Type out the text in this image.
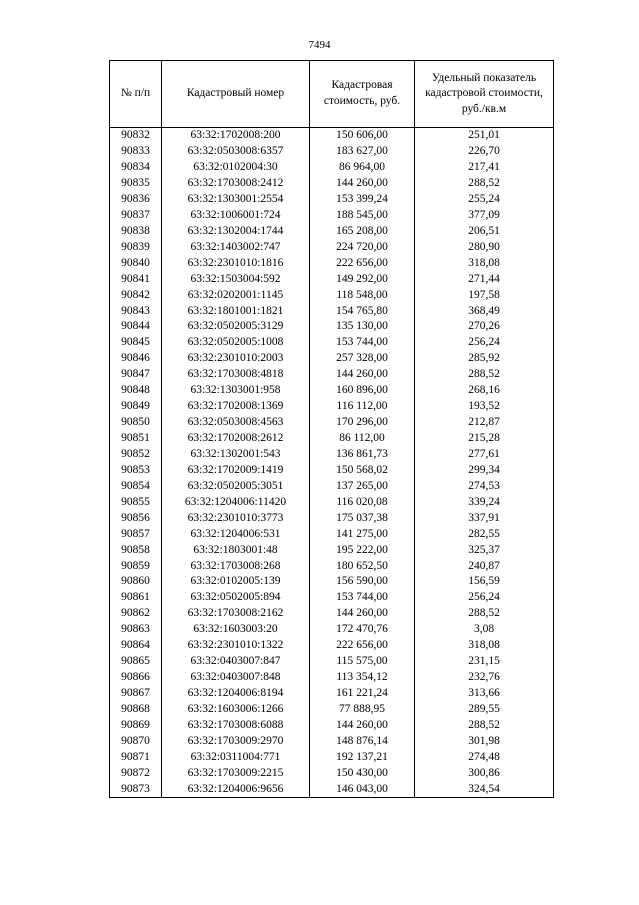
7494
№ п/п	Кадастровый номер	Кадастровая стоимость, руб.	Удельный показатель кадастровой стоимости, руб./кв.м
90832	63:32:1702008:200	150 606,00	251,01
90833	63:32:0503008:6357	183 627,00	226,70
90834	63:32:0102004:30	86 964,00	217,41
90835	63:32:1703008:2412	144 260,00	288,52
90836	63:32:1303001:2554	153 399,24	255,24
90837	63:32:1006001:724	188 545,00	377,09
90838	63:32:1302004:1744	165 208,00	206,51
90839	63:32:1403002:747	224 720,00	280,90
90840	63:32:2301010:1816	222 656,00	318,08
90841	63:32:1503004:592	149 292,00	271,44
90842	63:32:0202001:1145	118 548,00	197,58
90843	63:32:1801001:1821	154 765,80	368,49
90844	63:32:0502005:3129	135 130,00	270,26
90845	63:32:0502005:1008	153 744,00	256,24
90846	63:32:2301010:2003	257 328,00	285,92
90847	63:32:1703008:4818	144 260,00	288,52
90848	63:32:1303001:958	160 896,00	268,16
90849	63:32:1702008:1369	116 112,00	193,52
90850	63:32:0503008:4563	170 296,00	212,87
90851	63:32:1702008:2612	86 112,00	215,28
90852	63:32:1302001:543	136 861,73	277,61
90853	63:32:1702009:1419	150 568,02	299,34
90854	63:32:0502005:3051	137 265,00	274,53
90855	63:32:1204006:11420	116 020,08	339,24
90856	63:32:2301010:3773	175 037,38	337,91
90857	63:32:1204006:531	141 275,00	282,55
90858	63:32:1803001:48	195 222,00	325,37
90859	63:32:1703008:268	180 652,50	240,87
90860	63:32:0102005:139	156 590,00	156,59
90861	63:32:0502005:894	153 744,00	256,24
90862	63:32:1703008:2162	144 260,00	288,52
90863	63:32:1603003:20	172 470,76	3,08
90864	63:32:2301010:1322	222 656,00	318,08
90865	63:32:0403007:847	115 575,00	231,15
90866	63:32:0403007:848	113 354,12	232,76
90867	63:32:1204006:8194	161 221,24	313,66
90868	63:32:1603006:1266	77 888,95	289,55
90869	63:32:1703008:6088	144 260,00	288,52
90870	63:32:1703009:2970	148 876,14	301,98
90871	63:32:0311004:771	192 137,21	274,48
90872	63:32:1703009:2215	150 430,00	300,86
90873	63:32:1204006:9656	146 043,00	324,54
